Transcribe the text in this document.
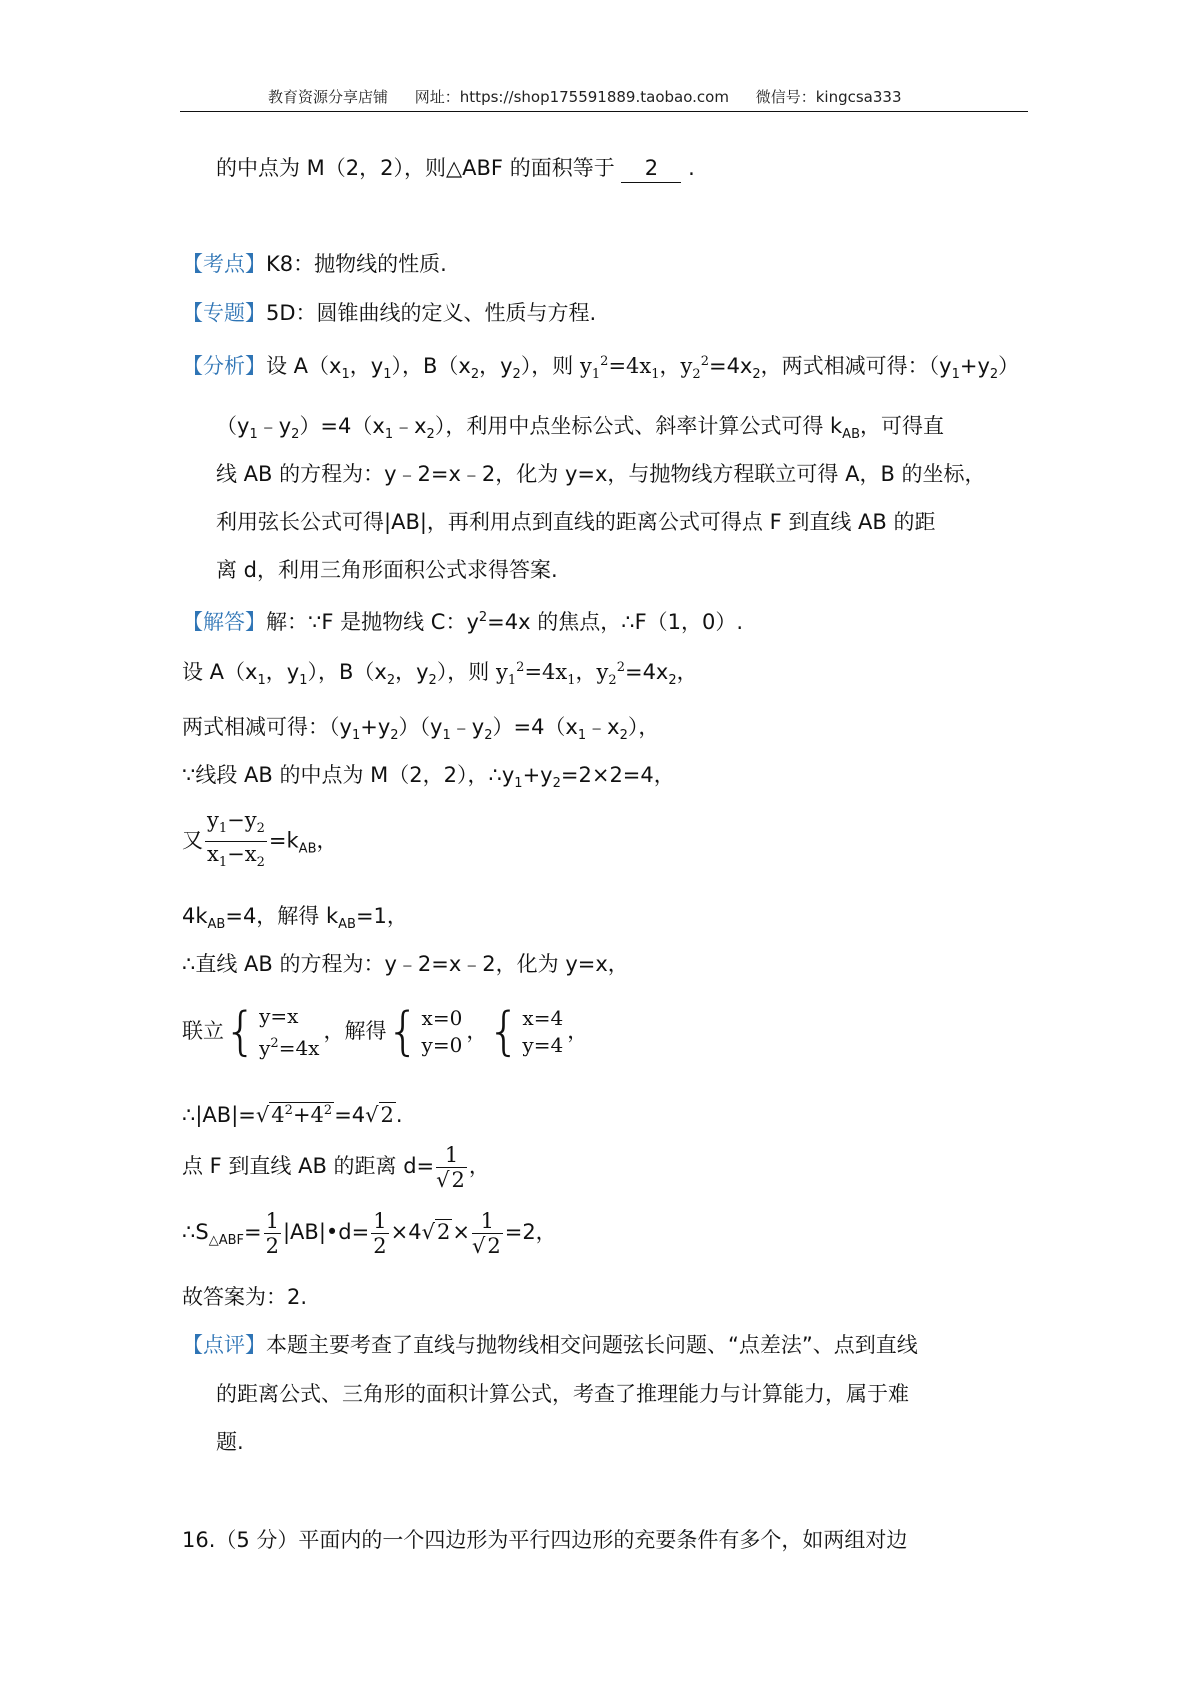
教育资源分享店铺 网址：https://shop175591889.taobao.com 微信号：kingcsa333
的中点为 M（2，2），则△ABF 的面积等于 2 .
【考点】K8：抛物线的性质.
【专题】5D：圆锥曲线的定义、性质与方程.
【分析】设 $A(x_1$，$y_1$），$B(x_2$，$y_2$），则 $y_1^2=4x_1$，$y_2^2=4x_2$，两式相减可得：$(y_1+y_2)$
$(y_1﹣y_2)=4(x_1﹣x_2)$，利用中点坐标公式、斜率计算公式可得 $k_{AB}$，可得直
线 AB 的方程为：y﹣2=x﹣2，化为 y=x，与抛物线方程联立可得 A，B 的坐标，
利用弦长公式可得|AB|，再利用点到直线的距离公式可得点 F 到直线 AB 的距
离 d，利用三角形面积公式求得答案.
【解答】解：∵F 是抛物线 C：$y^2=4x$ 的焦点，∴F（1，0）.
设 $A(x_1$，$y_1$），$B(x_2$，$y_2$），则 $y_1^2=4x_1$，$y_2^2=4x_2$，
两式相减可得：$(y_1+y_2)(y_1﹣y_2)=4(x_1﹣x_2)$，
∵线段 AB 的中点为 M（2，2），$\therefore y_1+y_2=2\times 2=4$，
又 $\frac{y_1-y_2}{x_1-x_2} =k_{AB}$，
$4k_{AB}=4$，解得 $k_{AB}=1$，
∴直线 AB 的方程为：y﹣2=x﹣2，化为 y=x，
联立{ y=x
$y^2=4x$，解得{ x=0
y=0，{ x=4
y=4，
$\therefore|AB|=√4^2+4^2=4√2$.
点 F 到直线 AB 的距离 $d= \frac{1}{√2}$ ，
$\therefore S_{\triangle ABF}= \frac{1}{2}$ |AB|•d= $\frac{1}{2} \times 4√2\times \frac{1}{√2} =2$，
故答案为：2.
【点评】本题主要考查了直线与抛物线相交问题弦长问题、“点差法”、点到直线
的距离公式、三角形的面积计算公式，考查了推理能力与计算能力，属于难
题.
16.（5 分）平面内的一个四边形为平行四边形的充要条件有多个，如两组对边
